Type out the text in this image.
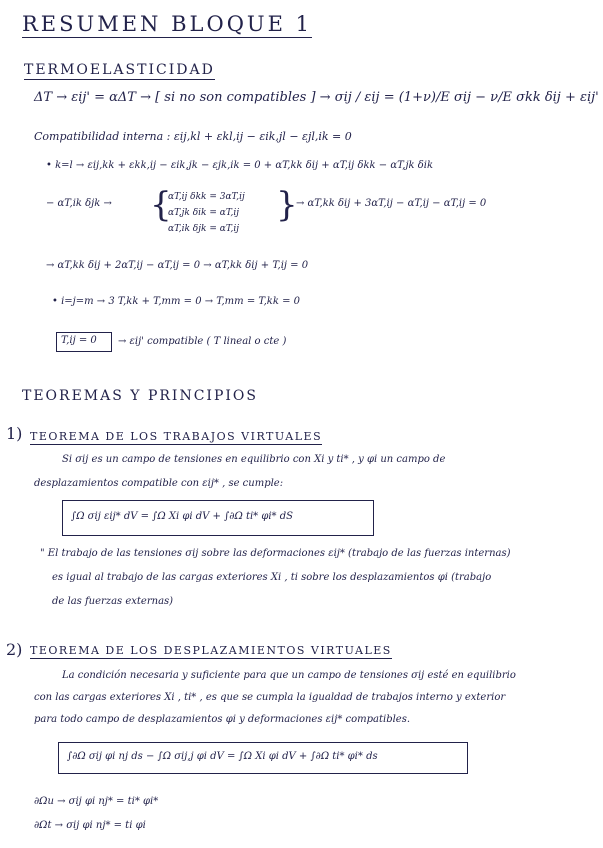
RESUMEN BLOQUE 1
TERMOELASTICIDAD
ΔT → εij' = αΔT → [ si no son compatibles ] → σij / εij = (1+ν)/E σij − ν/E σkk δij + εij'
Compatibilidad interna : εij,kl + εkl,ij − εik,jl − εjl,ik = 0
• k=l → εij,kk + εkk,ij − εik,jk − εjk,ik = 0 + αT,kk δij + αT,ij δkk − αT,jk δik
− αT,ik δjk → {
αT,ij δkk = 3αT,ij
αT,jk δik = αT,ij
αT,ik δjk = αT,ij
}
→ αT,kk δij + 3αT,ij − αT,ij − αT,ij = 0
→ αT,kk δij + 2αT,ij − αT,ij = 0 → αT,kk δij + T,ij = 0
• i=j=m → 3 T,kk + T,mm = 0 → T,mm = T,kk = 0
T,ij = 0 → εij' compatible ( T lineal o cte )
TEOREMAS Y PRINCIPIOS
1) TEOREMA DE LOS TRABAJOS VIRTUALES
Si σij es un campo de tensiones en equilibrio con Xi y ti* , y φi un campo de
desplazamientos compatible con εij* , se cumple:
∫Ω σij εij* dV = ∫Ω Xi φi dV + ∫∂Ω ti* φi* dS
" El trabajo de las tensiones σij sobre las deformaciones εij* (trabajo de las fuerzas internas)
es igual al trabajo de las cargas exteriores Xi , ti sobre los desplazamientos φi (trabajo
de las fuerzas externas)
2) TEOREMA DE LOS DESPLAZAMIENTOS VIRTUALES
La condición necesaria y suficiente para que un campo de tensiones σij esté en equilibrio
con las cargas exteriores Xi , ti* , es que se cumpla la igualdad de trabajos interno y exterior
para todo campo de desplazamientos φi y deformaciones εij* compatibles.
∫∂Ω σij φi nj ds − ∫Ω σij,j φi dV = ∫Ω Xi φi dV + ∫∂Ω ti* φi* ds
∂Ωu → σij φi nj* = ti* φi*
∂Ωt → σij φi nj* = ti φi
